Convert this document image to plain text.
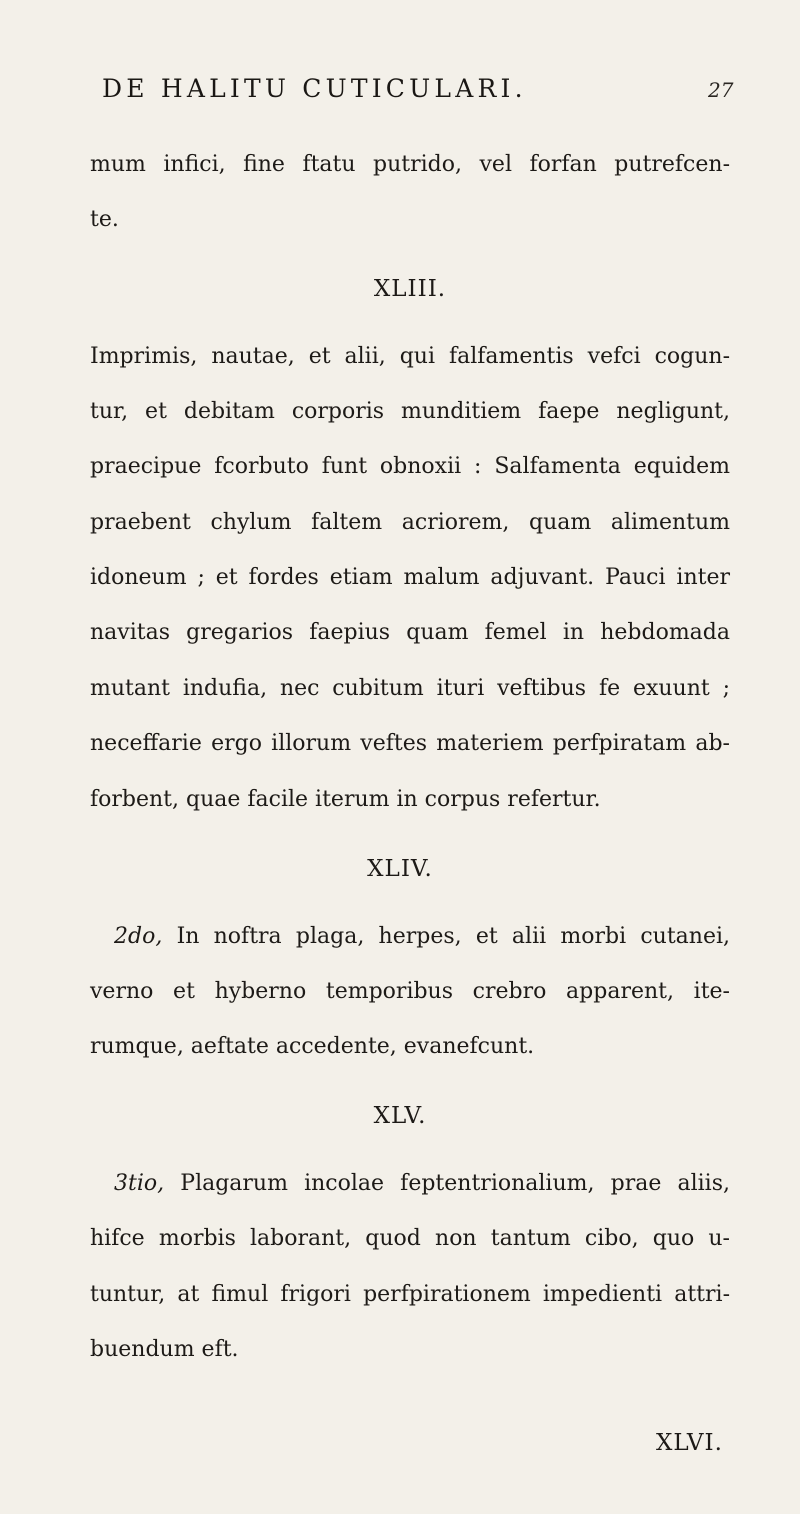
DE HALITU CUTICULARI.	27
mum infici, fine ftatu putrido, vel forfan putrefcen-
te.
XLIII.
Imprimis, nautae, et alii, qui falfamentis vefci cogun-
tur, et debitam corporis munditiem faepe negligunt,
praecipue fcorbuto funt obnoxii : Salfamenta equidem
praebent chylum faltem acriorem, quam alimentum
idoneum ; et fordes etiam malum adjuvant. Pauci inter
navitas gregarios faepius quam femel in hebdomada
mutant indufia, nec cubitum ituri veftibus fe exuunt ;
neceffarie ergo illorum veftes materiem perfpiratam ab-
forbent, quae facile iterum in corpus refertur.
XLIV.
2do, In noftra plaga, herpes, et alii morbi cutanei,
verno et hyberno temporibus crebro apparent, ite-
rumque, aeftate accedente, evanefcunt.
XLV.
3tio, Plagarum incolae feptentrionalium, prae aliis,
hifce morbis laborant, quod non tantum cibo, quo u-
tuntur, at fimul frigori perfpirationem impedienti attri-
buendum eft.
XLVI.
